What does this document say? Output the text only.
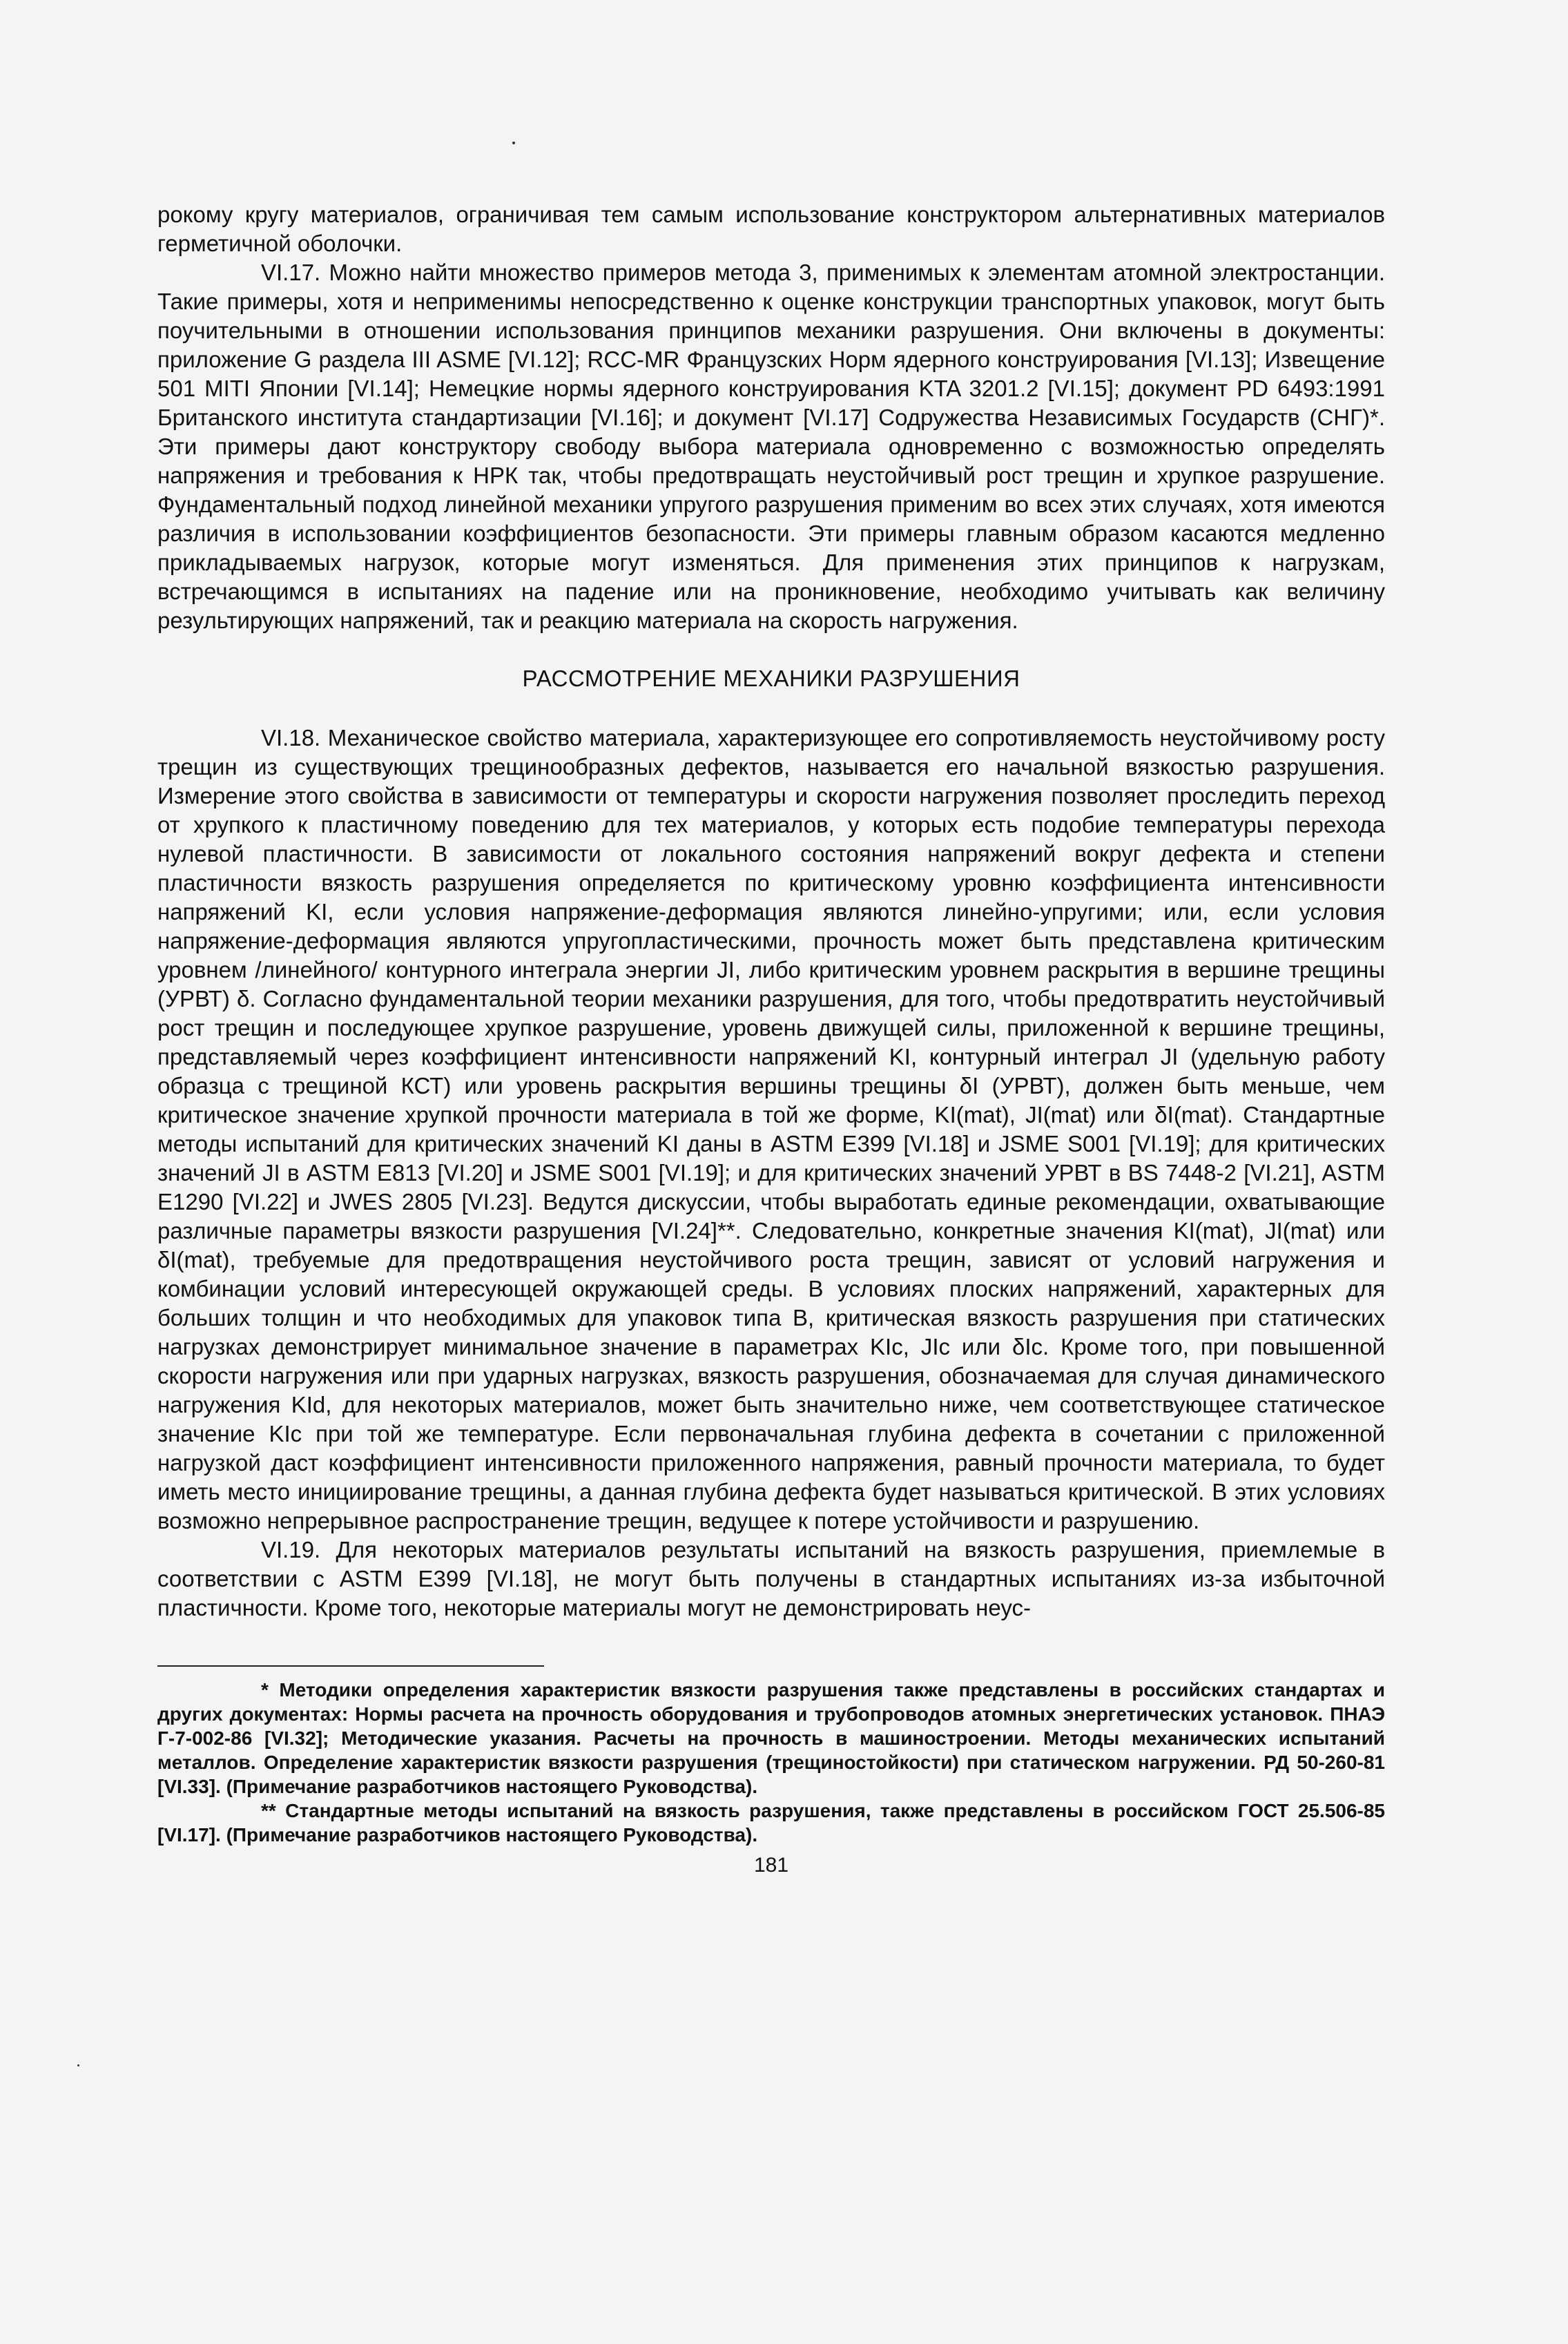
рокому кругу материалов, ограничивая тем самым использование конструктором альтернативных материалов герметичной оболочки.

VI.17. Можно найти множество примеров метода 3, применимых к элементам атомной электростанции. Такие примеры, хотя и неприменимы непосредственно к оценке конструкции транспортных упаковок, могут быть поучительными в отношении использования принципов механики разрушения. Они включены в документы: приложение G раздела III ASME [VI.12]; RCC-MR Французских Норм ядерного конструирования [VI.13]; Извещение 501 MITI Японии [VI.14]; Немецкие нормы ядерного конструирования KTA 3201.2 [VI.15]; документ PD 6493:1991 Британского института стандартизации [VI.16]; и документ [VI.17] Содружества Независимых Государств (СНГ)*. Эти примеры дают конструктору свободу выбора материала одновременно с возможностью определять напряжения и требования к НРК так, чтобы предотвращать неустойчивый рост трещин и хрупкое разрушение. Фундаментальный подход линейной механики упругого разрушения применим во всех этих случаях, хотя имеются различия в использовании коэффициентов безопасности. Эти примеры главным образом касаются медленно прикладываемых нагрузок, которые могут изменяться. Для применения этих принципов к нагрузкам, встречающимся в испытаниях на падение или на проникновение, необходимо учитывать как величину результирующих напряжений, так и реакцию материала на скорость нагружения.

РАССМОТРЕНИЕ МЕХАНИКИ РАЗРУШЕНИЯ

VI.18. Механическое свойство материала, характеризующее его сопротивляемость неустойчивому росту трещин из существующих трещинообразных дефектов, называется его начальной вязкостью разрушения. Измерение этого свойства в зависимости от температуры и скорости нагружения позволяет проследить переход от хрупкого к пластичному поведению для тех материалов, у которых есть подобие температуры перехода нулевой пластичности. В зависимости от локального состояния напряжений вокруг дефекта и степени пластичности вязкость разрушения определяется по критическому уровню коэффициента интенсивности напряжений KI, если условия напряжение-деформация являются линейно-упругими; или, если условия напряжение-деформация являются упругопластическими, прочность может быть представлена критическим уровнем /линейного/ контурного интеграла энергии JI, либо критическим уровнем раскрытия в вершине трещины (УРВТ) δ. Согласно фундаментальной теории механики разрушения, для того, чтобы предотвратить неустойчивый рост трещин и последующее хрупкое разрушение, уровень движущей силы, приложенной к вершине трещины, представляемый через коэффициент интенсивности напряжений KI, контурный интеграл JI (удельную работу образца с трещиной КСТ) или уровень раскрытия вершины трещины δI (УРВТ), должен быть меньше, чем критическое значение хрупкой прочности материала в той же форме, KI(mat), JI(mat) или δI(mat). Стандартные методы испытаний для критических значений KI даны в ASTM E399 [VI.18] и JSME S001 [VI.19]; для критических значений JI в ASTM E813 [VI.20] и JSME S001 [VI.19]; и для критических значений УРВТ в BS 7448-2 [VI.21], ASTM E1290 [VI.22] и JWES 2805 [VI.23]. Ведутся дискуссии, чтобы выработать единые рекомендации, охватывающие различные параметры вязкости разрушения [VI.24]**. Следовательно, конкретные значения KI(mat), JI(mat) или δI(mat), требуемые для предотвращения неустойчивого роста трещин, зависят от условий нагружения и комбинации условий интересующей окружающей среды. В условиях плоских напряжений, характерных для больших толщин и что необходимых для упаковок типа В, критическая вязкость разрушения при статических нагрузках демонстрирует минимальное значение в параметрах KIc, JIc или δIc. Кроме того, при повышенной скорости нагружения или при ударных нагрузках, вязкость разрушения, обозначаемая для случая динамического нагружения KId, для некоторых материалов, может быть значительно ниже, чем соответствующее статическое значение KIc при той же температуре. Если первоначальная глубина дефекта в сочетании с приложенной нагрузкой даст коэффициент интенсивности приложенного напряжения, равный прочности материала, то будет иметь место инициирование трещины, а данная глубина дефекта будет называться критической. В этих условиях возможно непрерывное распространение трещин, ведущее к потере устойчивости и разрушению.

VI.19. Для некоторых материалов результаты испытаний на вязкость разрушения, приемлемые в соответствии с ASTM E399 [VI.18], не могут быть получены в стандартных испытаниях из-за избыточной пластичности. Кроме того, некоторые материалы могут не демонстрировать неус-

* Методики определения характеристик вязкости разрушения также представлены в российских стандартах и других документах: Нормы расчета на прочность оборудования и трубопроводов атомных энергетических установок. ПНАЭ Г-7-002-86 [VI.32]; Методические указания. Расчеты на прочность в машиностроении. Методы механических испытаний металлов. Определение характеристик вязкости разрушения (трещиностойкости) при статическом нагружении. РД 50-260-81 [VI.33]. (Примечание разработчиков настоящего Руководства).

** Стандартные методы испытаний на вязкость разрушения, также представлены в российском ГОСТ 25.506-85 [VI.17]. (Примечание разработчиков настоящего Руководства).

181
